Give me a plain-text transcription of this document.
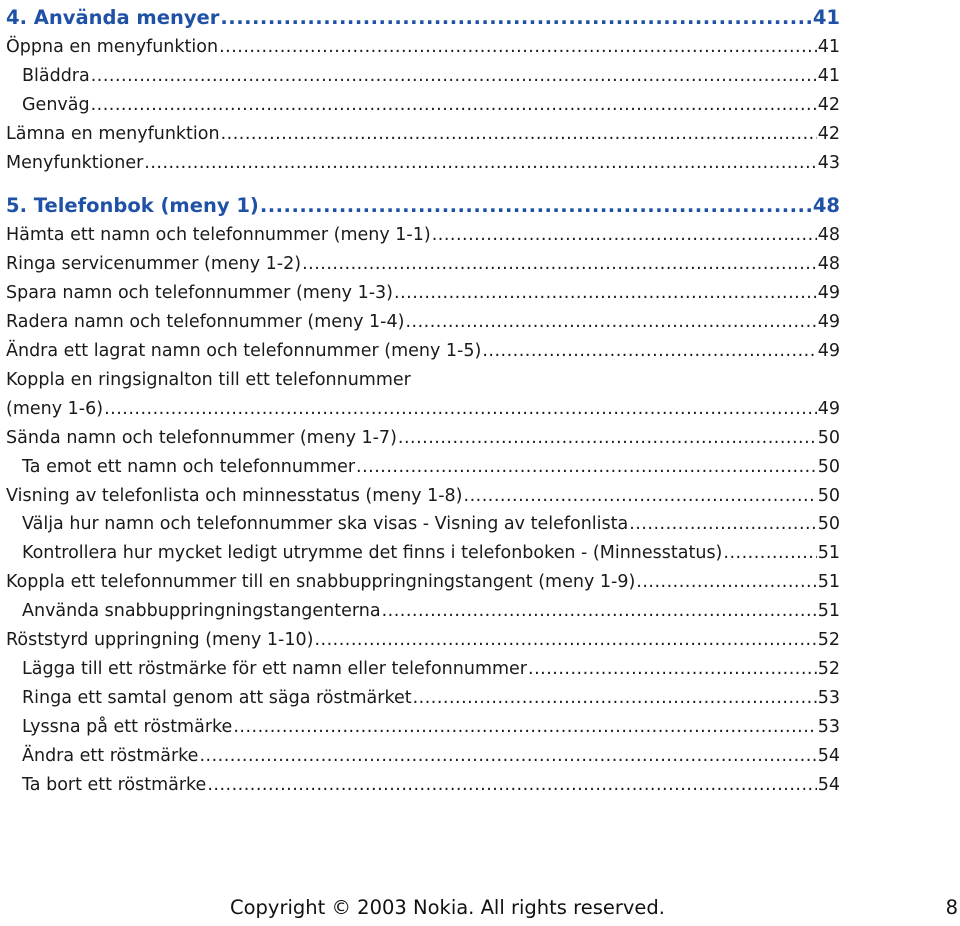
4. Använda menyer .....	41
Öppna en menyfunktion .....	41
Bläddra .....	41
Genväg .....	42
Lämna en menyfunktion .....	42
Menyfunktioner .....	43
5. Telefonbok (meny 1) .....	48
Hämta ett namn och telefonnummer (meny 1-1) .....	48
Ringa servicenummer (meny 1-2) .....	48
Spara namn och telefonnummer (meny 1-3) .....	49
Radera namn och telefonnummer (meny 1-4) .....	49
Ändra ett lagrat namn och telefonnummer (meny 1-5) .....	49
Koppla en ringsignalton till ett telefonnummer
(meny 1-6) .....	49
Sända namn och telefonnummer (meny 1-7) .....	50
Ta emot ett namn och telefonnummer .....	50
Visning av telefonlista och minnesstatus (meny 1-8) .....	50
Välja hur namn och telefonnummer ska visas - Visning av telefonlista .....	50
Kontrollera hur mycket ledigt utrymme det finns i telefonboken - (Minnesstatus) .....	51
Koppla ett telefonnummer till en snabbuppringningstangent (meny 1-9) .....	51
Använda snabbuppringningstangenterna .....	51
Röststyrd uppringning (meny 1-10) .....	52
Lägga till ett röstmärke för ett namn eller telefonnummer .....	52
Ringa ett samtal genom att säga röstmärket .....	53
Lyssna på ett röstmärke .....	53
Ändra ett röstmärke .....	54
Ta bort ett röstmärke .....	54
Copyright © 2003 Nokia. All rights reserved.	8
